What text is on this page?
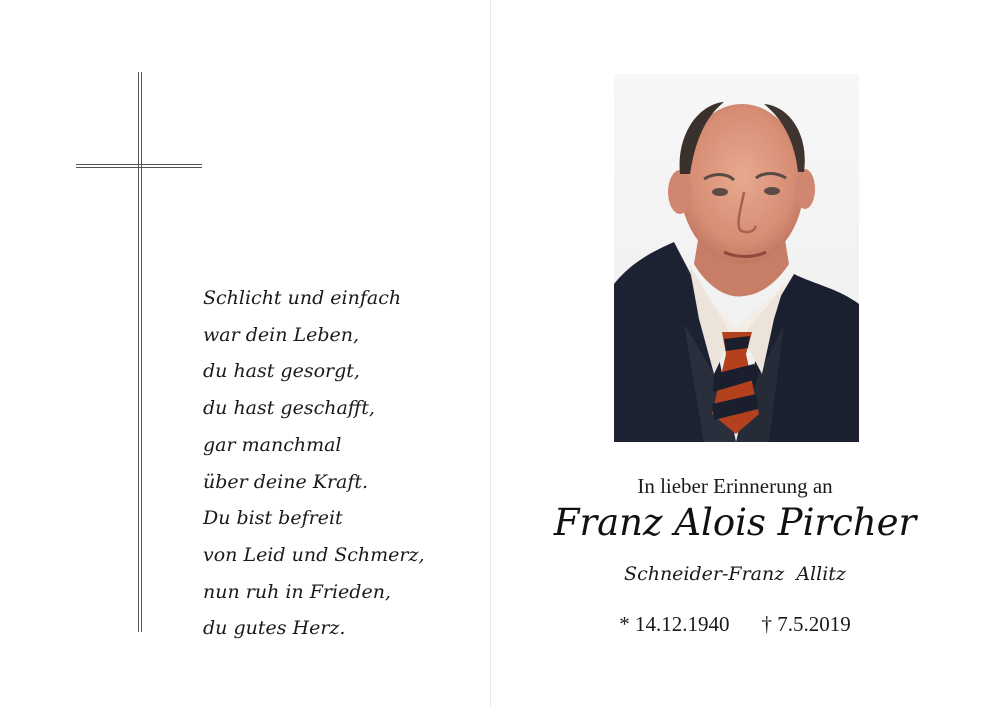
Schlicht und einfach
war dein Leben,
du hast gesorgt,
du hast geschafft,
gar manchmal
über deine Kraft.
Du bist befreit
von Leid und Schmerz,
nun ruh in Frieden,
du gutes Herz.
In lieber Erinnerung an
Franz Alois Pircher
Schneider-Franz  Allitz
* 14.12.1940 † 7.5.2019
